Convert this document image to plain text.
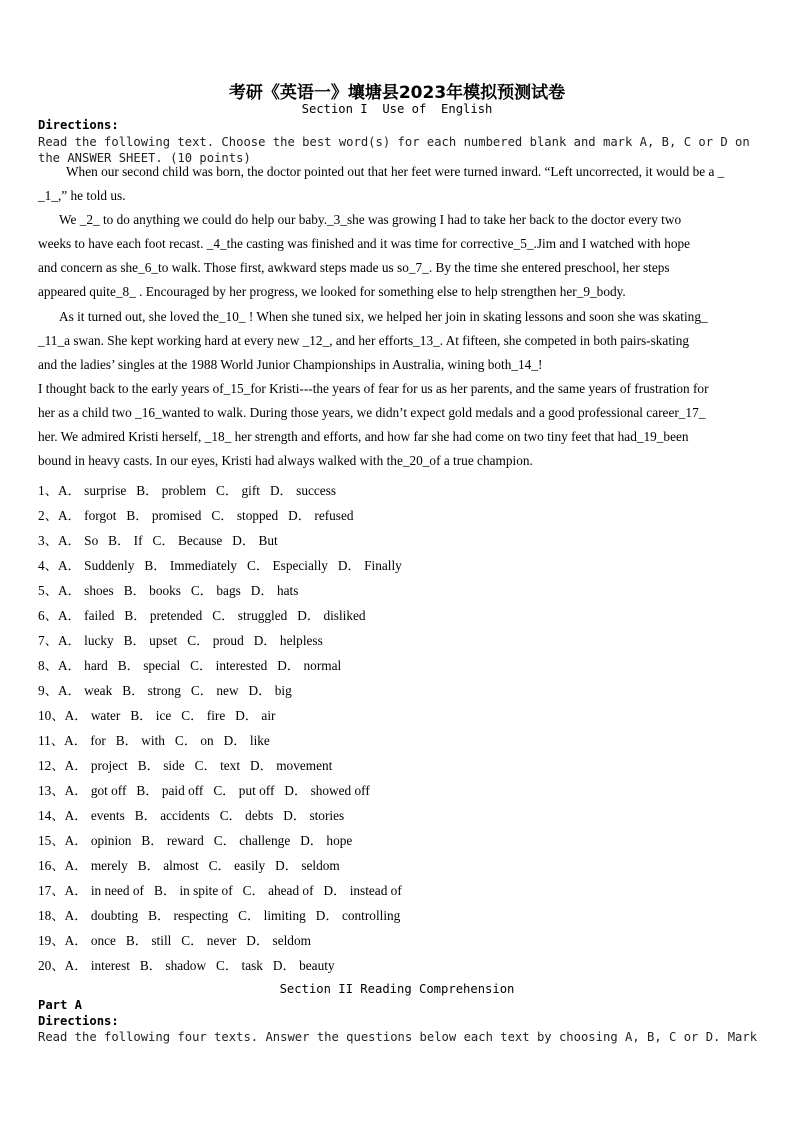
考研《英语一》壤塘县2023年模拟预测试卷
Section I  Use of  English
Directions:
Read the following text. Choose the best word(s) for each numbered blank and mark A, B, C or D on the ANSWER SHEET. (10 points)
When our second child was born, the doctor pointed out that her feet were turned inward. “Left uncorrected, it would be a _
_1_,” he told us.
We _2_ to do anything we could do help our baby._3_she was growing I had to take her back to the doctor every two
weeks to have each foot recast. _4_the casting was finished and it was time for corrective_5_.Jim and I watched with hope
and concern as she_6_to walk. Those first, awkward steps made us so_7_. By the time she entered preschool, her steps
appeared quite_8_ . Encouraged by her progress, we looked for something else to help strengthen her_9_body.
As it turned out, she loved the_10_ ! When she tuned six, we helped her join in skating lessons and soon she was skating_
_11_a swan. She kept working hard at every new _12_, and her efforts_13_. At fifteen, she competed in both pairs-skating
and the ladies’ singles at the 1988 World Junior Championships in Australia, wining both_14_!
I thought back to the early years of_15_for Kristi---the years of fear for us as her parents, and the same years of frustration for
her as a child two _16_wanted to walk. During those years, we didn’t expect gold medals and a good professional career_17_
her. We admired Kristi herself, _18_ her strength and efforts, and how far she had come on two tiny feet that had_19_been
bound in heavy casts. In our eyes, Kristi had always walked with the_20_of a true champion.
1、A． surprise   B． problem   C． gift   D． success
2、A． forgot   B． promised   C． stopped   D． refused
3、A． So   B． If   C． Because   D． But
4、A． Suddenly   B． Immediately   C． Especially   D． Finally
5、A． shoes   B． books   C． bags   D． hats
6、A． failed   B． pretended   C． struggled   D． disliked
7、A． lucky   B． upset   C． proud   D． helpless
8、A． hard   B． special   C． interested   D． normal
9、A． weak   B． strong   C． new   D． big
10、A． water   B． ice   C． fire   D． air
11、A． for   B． with   C． on   D． like
12、A． project   B． side   C． text   D． movement
13、A． got off   B． paid off   C． put off   D． showed off
14、A． events   B． accidents   C． debts   D． stories
15、A． opinion   B． reward   C． challenge   D． hope
16、A． merely   B． almost   C． easily   D． seldom
17、A． in need of   B． in spite of   C． ahead of   D． instead of
18、A． doubting   B． respecting   C． limiting   D． controlling
19、A． once   B． still   C． never   D． seldom
20、A． interest   B． shadow   C． task   D． beauty
Section II Reading Comprehension
Part A
Directions:
Read the following four texts. Answer the questions below each text by choosing A, B, C or D. Mark
